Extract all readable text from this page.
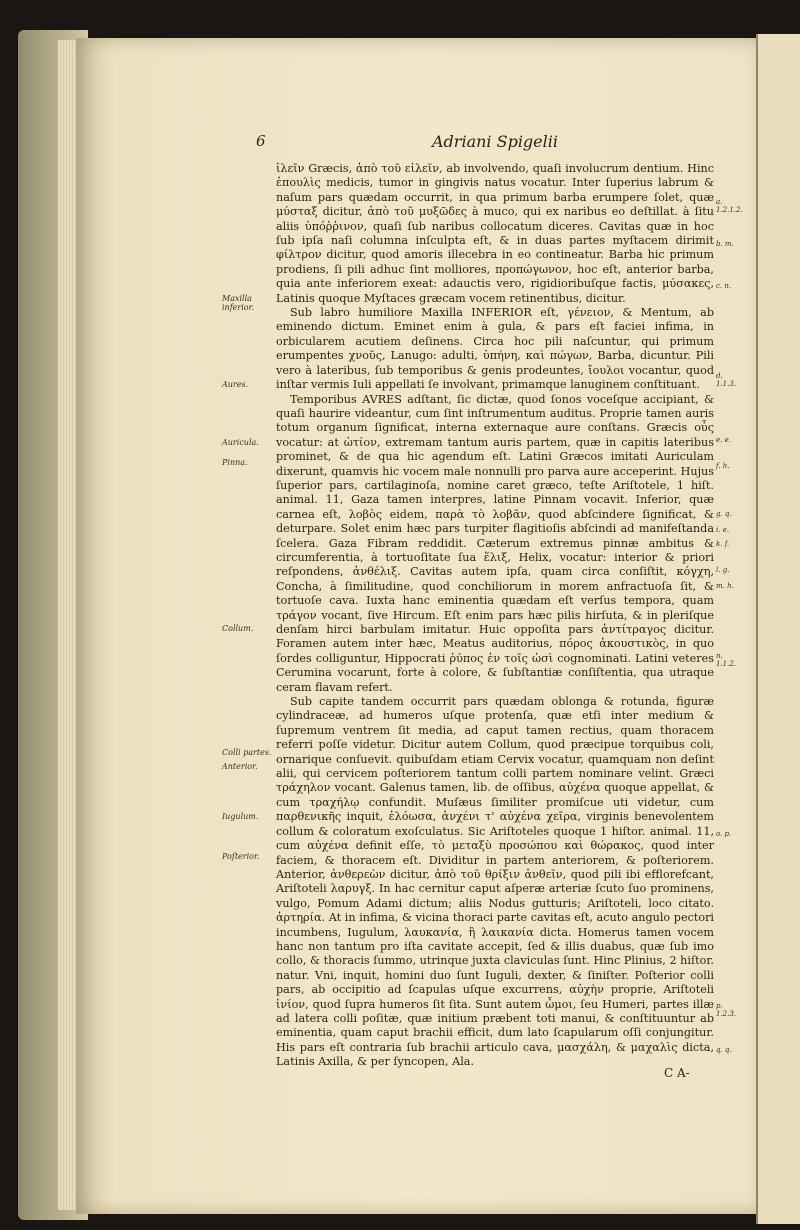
6	Adriani Spigelii

ἰλεῖν Græcis, ἀπὸ τοῦ εἰλεῖν, ab involvendo, quaſi involucrum dentium. Hinc ἐπουλὶς medicis, tumor in gingivis natus vocatur. Inter ſuperius labrum & naſum pars quædam occurrit, in qua primum barba erumpere ſolet, quæ μύσταξ dicitur, ἀπὸ τοῦ μυξῶδες à muco, qui ex naribus eo deſtillat. à ſitu aliis ὑπόῤῥινον, quaſi ſub naribus collocatum diceres. Cavitas quæ in hoc ſub ipſa naſi columna inſculpta eſt, & in duas partes myſtacem dirimit φίλτρον dicitur, quod amoris illecebra in eo contineatur. Barba hic primum prodiens, ſi pili adhuc ſint molliores, προπώγωνον, hoc eſt, anterior barba, quia ante inferiorem exeat: adauctis vero, rigidioribuſque factis, μύσακες, Latinis quoque Myſtaces græcam vocem retinentibus, dicitur.

Sub labro humiliore Maxilla INFERIOR eſt, γένειον, & Mentum, ab eminendo dictum. Eminet enim à gula, & pars eſt faciei infima, in orbicularem acutiem deſinens. Circa hoc pili naſcuntur, qui primum erumpentes χνοῦς, Lanugo: adulti, ὑπήνη, καὶ πώγων, Barba, dicuntur. Pili vero à lateribus, ſub temporibus & genis prodeuntes, ἴουλοι vocantur, quod inſtar vermis Iuli appellati ſe involvant, primamque lanuginem conſtituant.

Temporibus AVRES adſtant, ſic dictæ, quod ſonos voceſque accipiant, & quaſi haurire videantur, cum ſint inſtrumentum auditus. Proprie tamen auris totum organum ſignificat, interna externaque aure conſtans. Græcis οὖς vocatur: at ὠτίον, extremam tantum auris partem, quæ in capitis lateribus prominet, & de qua hic agendum eſt. Latini Græcos imitati Auriculam dixerunt, quamvis hic vocem male nonnulli pro parva aure acceperint. Hujus ſuperior pars, cartilaginoſa, nomine caret græco, teſte Ariſtotele, 1 hiſt. animal. 11, Gaza tamen interpres, latine Pinnam vocavit. Inferior, quæ carnea eſt, λοβὸς eidem, παρὰ τὸ λοβᾶν, quod abſcindere ſignificat, & deturpare. Solet enim hæc pars turpiter flagitioſis abſcindi ad manifeſtanda ſcelera. Gaza Fibram reddidit. Cæterum extremus pinnæ ambitus & circumferentia, à tortuoſitate ſua ἕλιξ, Helix, vocatur: interior & priori reſpondens, ἀνθέλιξ. Cavitas autem ipſa, quam circa conſiſtit, κόγχη, Concha, à ſimilitudine, quod conchiliorum in morem anfractuoſa ſit, & tortuoſe cava. Iuxta hanc eminentia quædam eſt verſus tempora, quam τράγον vocant, ſive Hircum. Eſt enim pars hæc pilis hirſuta, & in pleriſque denſam hirci barbulam imitatur. Huic oppoſita pars ἀντίτραγος dicitur. Foramen autem inter hæc, Meatus auditorius, πόρος ἀκουστικὸς, in quo ſordes colliguntur, Hippocrati ῥύπος ἐν τοῖς ὠσὶ cognominati. Latini veteres Cerumina vocarunt, forte à colore, & ſubſtantiæ conſiſtentia, qua utraque ceram flavam refert.

Sub capite tandem occurrit pars quædam oblonga & rotunda, figuræ cylindraceæ, ad humeros uſque protenſa, quæ etſi inter medium & ſupremum ventrem ſit media, ad caput tamen rectius, quam thoracem referri poſſe videtur. Dicitur autem Collum, quod præcipue torquibus coli, ornarique conſuevit. quibuſdam etiam Cervix vocatur, quamquam non deſint alii, qui cervicem poſteriorem tantum colli partem nominare velint. Græci τράχηλον vocant. Galenus tamen, lib. de oſſibus, αὐχένα quoque appellat, & cum τραχήλῳ confundit. Muſæus ſimiliter promiſcue uti videtur, cum παρθενικῆς inquit, ἐλόωσα, ἀνχένι τ' αὐχένα χεῖρα, virginis benevolentem collum & coloratum exoſculatus. Sic Ariſtoteles quoque 1 hiſtor. animal. 11, cum αὐχένα definit eſſe, τὸ μεταξὺ προσώπου καὶ θώρακος, quod inter faciem, & thoracem eſt. Dividitur in partem anteriorem, & poſteriorem. Anterior, ἀνθερεὼν dicitur, ἀπὸ τοῦ θρίξιν ἀνθεῖν, quod pili ibi efflorefcant, Ariſtoteli λαρυγξ. In hac cernitur caput aſperæ arteriæ ſcuto ſuo prominens, vulgo, Pomum Adami dictum; aliis Nodus gutturis; Ariſtoteli, loco citato. ἀρτηρία. At in infima, & vicina thoraci parte cavitas eſt, acuto angulo pectori incumbens, Iugulum, λαυκανία, ἢ λαικανία dicta. Homerus tamen vocem hanc non tantum pro iſta cavitate accepit, ſed & illis duabus, quæ ſub imo collo, & thoracis ſummo, utrinque juxta claviculas ſunt. Hinc Plinius, 2 hiſtor. natur. Vni, inquit, homini duo ſunt Iuguli, dexter, & ſiniſter. Poſterior colli pars, ab occipitio ad ſcapulas uſque excurrens, αὐχὴν proprie, Ariſtoteli ἰνίον, quod ſupra humeros ſit ſita. Sunt autem ὦμοι, ſeu Humeri, partes illæ ad latera colli poſitæ, quæ initium præbent toti manui, & conſtituuntur ab eminentia, quam caput brachii efficit, dum lato ſcapularum oſſi conjungitur. His pars eſt contraria ſub brachii articulo cava, μασχάλη, & μαχαλὶς dicta, Latinis Axilla, & per ſyncopen, Ala.

Maxilla inferior.
Aures.
Auricula.
Pinna.
Collum.
Colli partes.
Anterior.
Iugulum.
Poſterior.
a. 1.2.1.2.
b. m.
c. n.
d. 1.1.3.
e. e.
f. h.
g. q.
i. e.
k. f.
l. g.
m. h.
n. 1.1.2.
o. p.
p. 1.2.3.
q. q.
C A-
